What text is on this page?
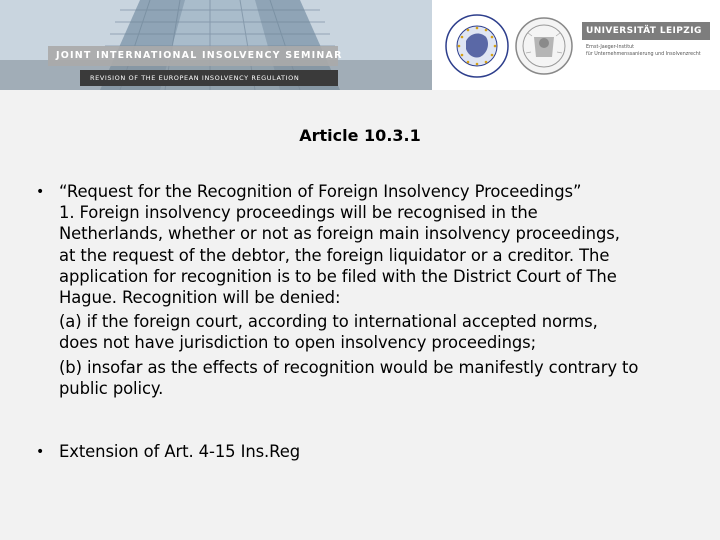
JOINT INTERNATIONAL INSOLVENCY SEMINAR
REVISION OF THE EUROPEAN INSOLVENCY REGULATION
UNIVERSITÄT LEIPZIG
Ernst-Jaeger-Institut
für Unternehmenssanierung und Insolvenzrecht
Article 10.3.1
• “Request for the Recognition of Foreign Insolvency Proceedings”
1. Foreign insolvency proceedings will be recognised in the
Netherlands, whether or not as foreign main insolvency proceedings,
at the request of the debtor, the foreign liquidator or a creditor. The
application for recognition is to be filed with the District Court of The
Hague. Recognition will be denied:
(a) if the foreign court, according to international accepted norms,
does not have jurisdiction to open insolvency proceedings;
(b) insofar as the effects of recognition would be manifestly contrary to
public policy.
• Extension of Art. 4-15 Ins.Reg
